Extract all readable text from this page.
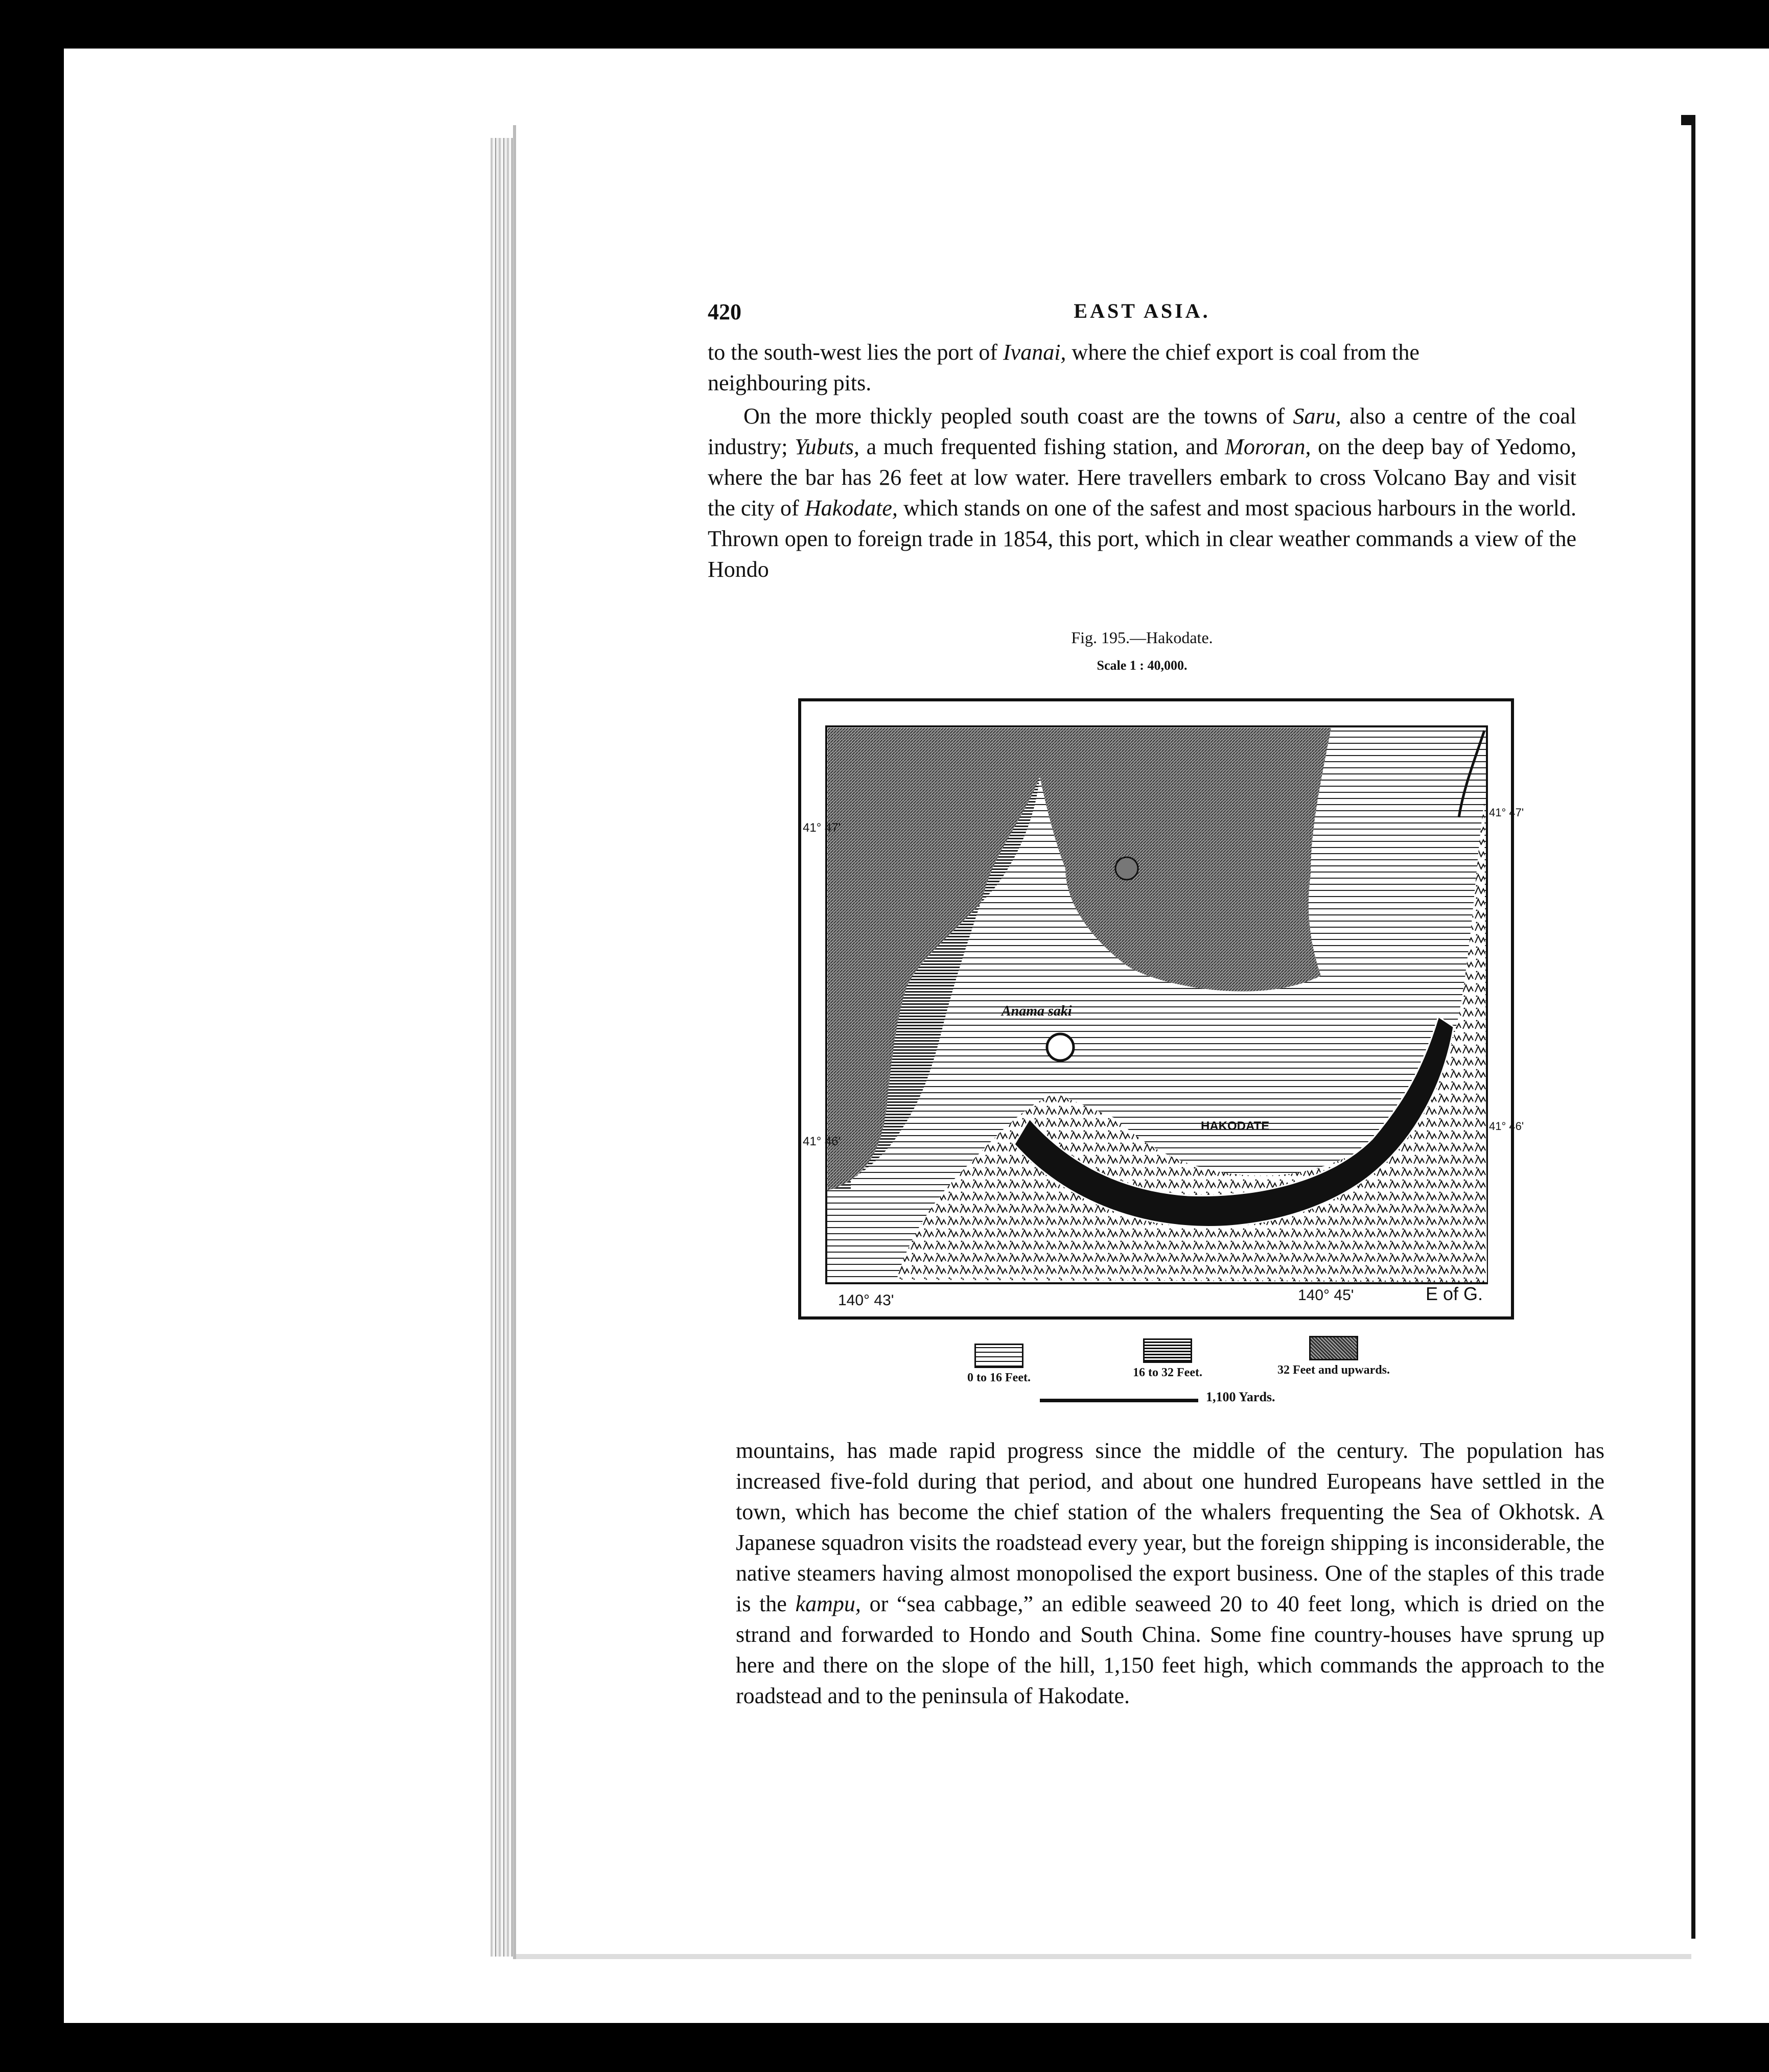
420	EAST ASIA.

to the south-west lies the port of Ivanai, where the chief export is coal from the

neighbouring pits.

On the more thickly peopled south coast are the towns of Saru, also a centre of the coal industry; Yubuts, a much frequented fishing station, and Mororan, on the deep bay of Yedomo, where the bar has 26 feet at low water. Here travellers embark to cross Volcano Bay and visit the city of Hakodate, which stands on one of the safest and most spacious harbours in the world. Thrown open to foreign trade in 1854, this port, which in clear weather commands a view of the Hondo

Fig. 195.—Hakodate.
Scale 1 : 40,000.
Anama saki
HAKODATE
41° 47'
41° 46'
41° 47'
41° 46'
140° 43'	140° 45'	E of G.
0 to 16 Feet.	16 to 32 Feet.	32 Feet and upwards.
1,100 Yards.

mountains, has made rapid progress since the middle of the century. The population has increased five-fold during that period, and about one hundred Europeans have settled in the town, which has become the chief station of the whalers frequenting the Sea of Okhotsk. A Japanese squadron visits the roadstead every year, but the foreign shipping is inconsiderable, the native steamers having almost monopolised the export business. One of the staples of this trade is the kampu, or “sea cabbage,” an edible seaweed 20 to 40 feet long, which is dried on the strand and forwarded to Hondo and South China. Some fine country-houses have sprung up here and there on the slope of the hill, 1,150 feet high, which commands the approach to the roadstead and to the peninsula of Hakodate.
